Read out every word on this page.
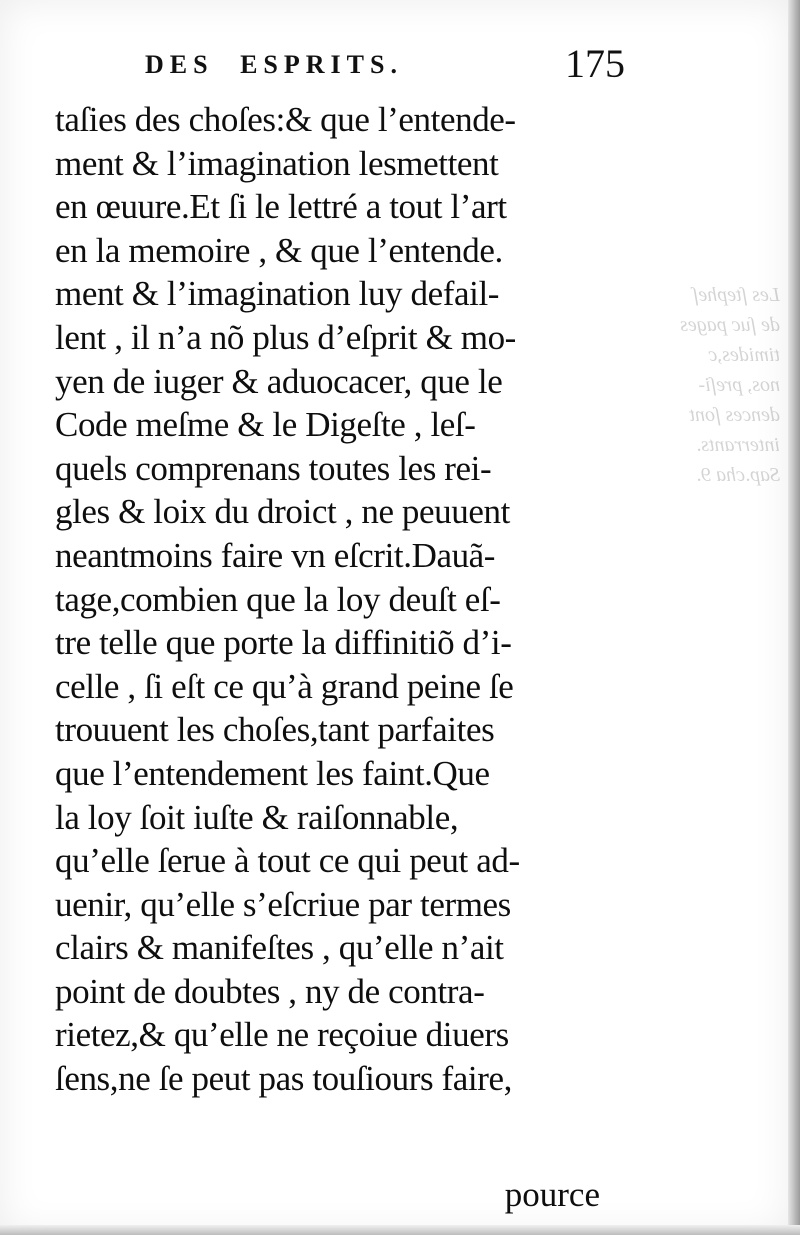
DES ESPRITS.	175
Les ſtepheſ
de ſuc pages
timides,c
nos, preſi-
dences ſont
interrants.
Sap.cha 9.
taſies des choſes:& que l’entende-
ment & l’imagination lesmettent
en œuure.Et ſi le lettré a tout l’art
en la memoire , & que l’entende.
ment & l’imagination luy defail-
lent , il n’a nõ plus d’eſprit & mo-
yen de iuger & aduocacer, que le
Code meſme & le Digeſte , leſ-
quels comprenans toutes les rei-
gles & loix du droict , ne peuuent
neantmoins faire vn eſcrit.Dauã-
tage,combien que la loy deuſt eſ-
tre telle que porte la diffinitiõ d’i-
celle , ſi eſt ce qu’à grand peine ſe
trouuent les choſes,tant parfaites
que l’entendement les faint.Que
la loy ſoit iuſte & raiſonnable,
qu’elle ſerue à tout ce qui peut ad-
uenir, qu’elle s’eſcriue par termes
clairs & manifeſtes , qu’elle n’ait
point de doubtes , ny de contra-
rietez,& qu’elle ne reçoiue diuers
ſens,ne ſe peut pas touſiours faire,
pource
